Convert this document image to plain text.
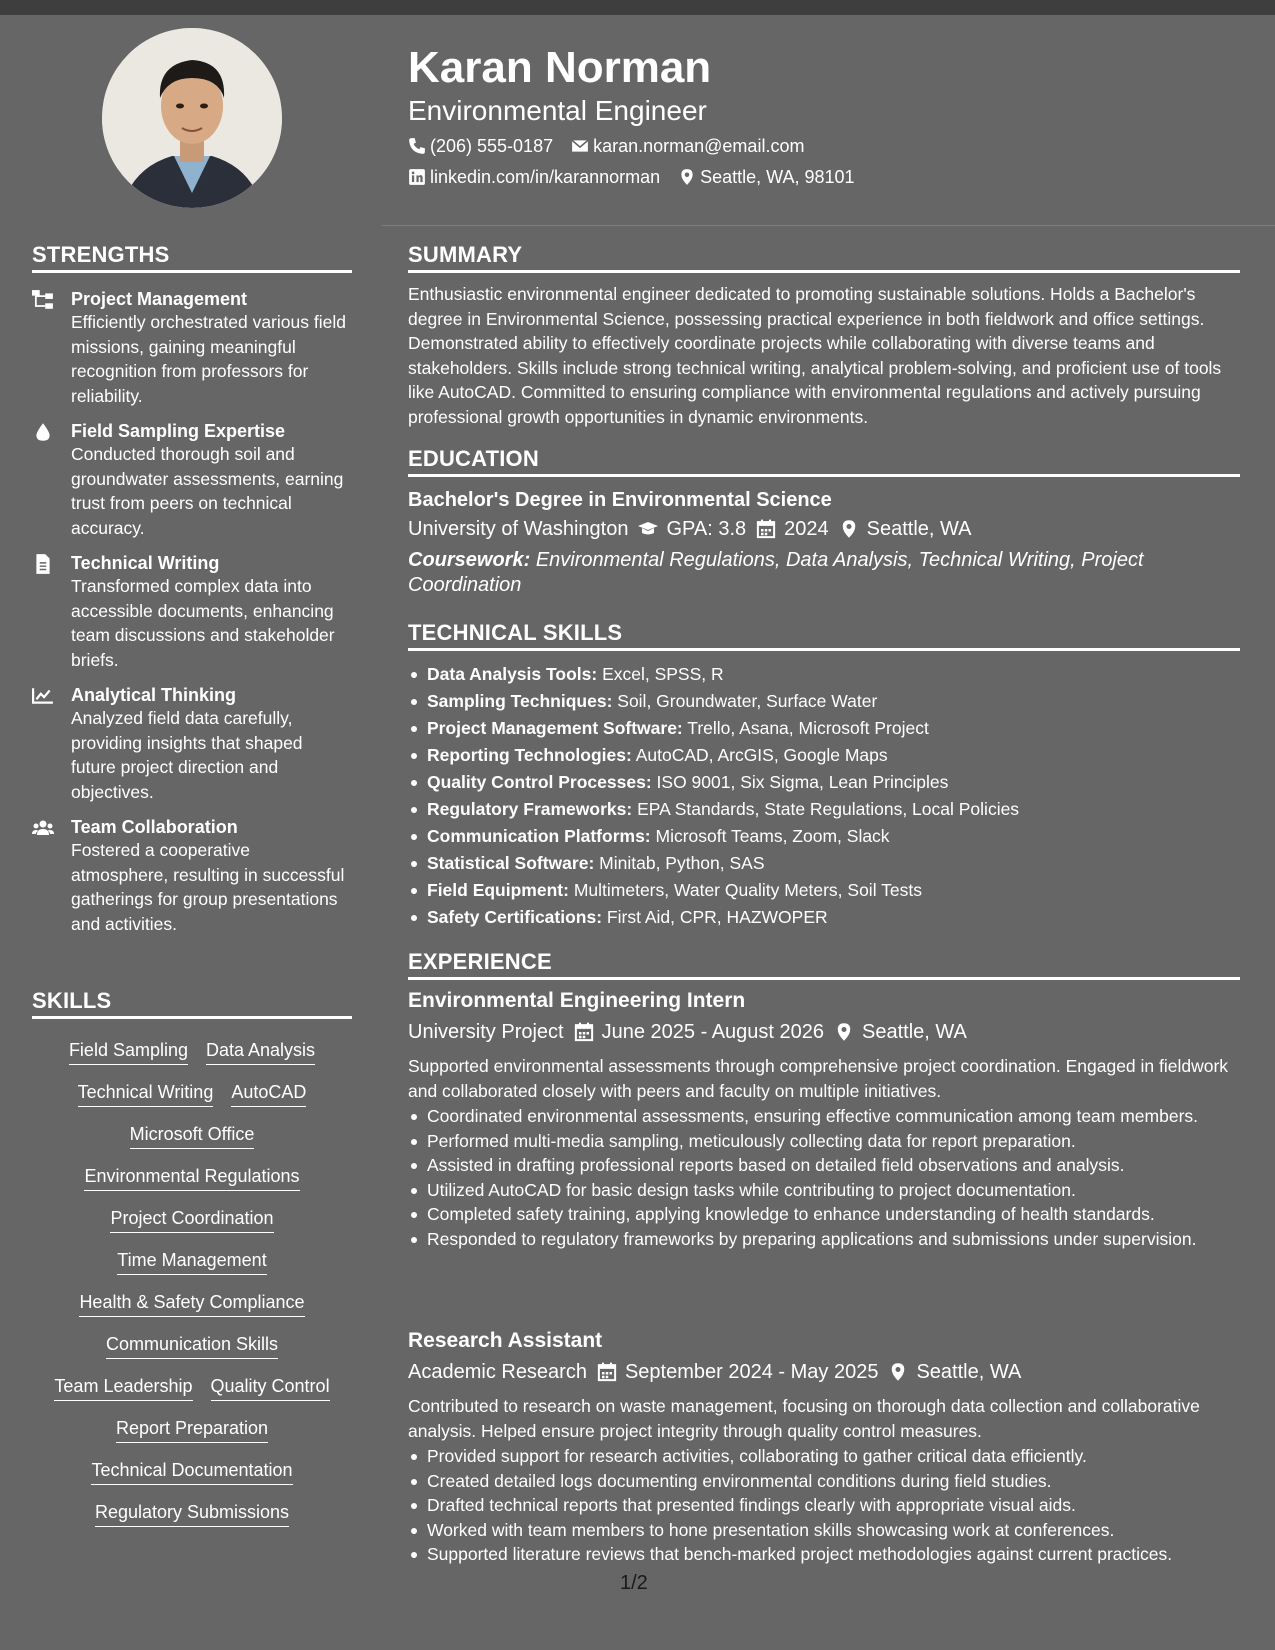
Karan Norman
Environmental Engineer
(206) 555-0187 karan.norman@email.com
linkedin.com/in/karannorman Seattle, WA, 98101
STRENGTHS
Project Management
Efficiently orchestrated various field missions, gaining meaningful recognition from professors for reliability.
Field Sampling Expertise
Conducted thorough soil and groundwater assessments, earning trust from peers on technical accuracy.
Technical Writing
Transformed complex data into accessible documents, enhancing team discussions and stakeholder briefs.
Analytical Thinking
Analyzed field data carefully, providing insights that shaped future project direction and objectives.
Team Collaboration
Fostered a cooperative atmosphere, resulting in successful gatherings for group presentations and activities.
SKILLS
Field Sampling Data Analysis
Technical Writing AutoCAD
Microsoft Office
Environmental Regulations
Project Coordination
Time Management
Health & Safety Compliance
Communication Skills
Team Leadership Quality Control
Report Preparation
Technical Documentation
Regulatory Submissions
SUMMARY
Enthusiastic environmental engineer dedicated to promoting sustainable solutions. Holds a Bachelor's degree in Environmental Science, possessing practical experience in both fieldwork and office settings. Demonstrated ability to effectively coordinate projects while collaborating with diverse teams and stakeholders. Skills include strong technical writing, analytical problem-solving, and proficient use of tools like AutoCAD. Committed to ensuring compliance with environmental regulations and actively pursuing professional growth opportunities in dynamic environments.
EDUCATION
Bachelor's Degree in Environmental Science
University of Washington GPA: 3.8 2024 Seattle, WA
Coursework: Environmental Regulations, Data Analysis, Technical Writing, Project Coordination
TECHNICAL SKILLS
Data Analysis Tools: Excel, SPSS, R
Sampling Techniques: Soil, Groundwater, Surface Water
Project Management Software: Trello, Asana, Microsoft Project
Reporting Technologies: AutoCAD, ArcGIS, Google Maps
Quality Control Processes: ISO 9001, Six Sigma, Lean Principles
Regulatory Frameworks: EPA Standards, State Regulations, Local Policies
Communication Platforms: Microsoft Teams, Zoom, Slack
Statistical Software: Minitab, Python, SAS
Field Equipment: Multimeters, Water Quality Meters, Soil Tests
Safety Certifications: First Aid, CPR, HAZWOPER
EXPERIENCE
Environmental Engineering Intern
University Project June 2025 - August 2026 Seattle, WA
Supported environmental assessments through comprehensive project coordination. Engaged in fieldwork and collaborated closely with peers and faculty on multiple initiatives.
Coordinated environmental assessments, ensuring effective communication among team members.
Performed multi-media sampling, meticulously collecting data for report preparation.
Assisted in drafting professional reports based on detailed field observations and analysis.
Utilized AutoCAD for basic design tasks while contributing to project documentation.
Completed safety training, applying knowledge to enhance understanding of health standards.
Responded to regulatory frameworks by preparing applications and submissions under supervision.
Research Assistant
Academic Research September 2024 - May 2025 Seattle, WA
Contributed to research on waste management, focusing on thorough data collection and collaborative analysis. Helped ensure project integrity through quality control measures.
Provided support for research activities, collaborating to gather critical data efficiently.
Created detailed logs documenting environmental conditions during field studies.
Drafted technical reports that presented findings clearly with appropriate visual aids.
Worked with team members to hone presentation skills showcasing work at conferences.
Supported literature reviews that bench-marked project methodologies against current practices.
1/2
